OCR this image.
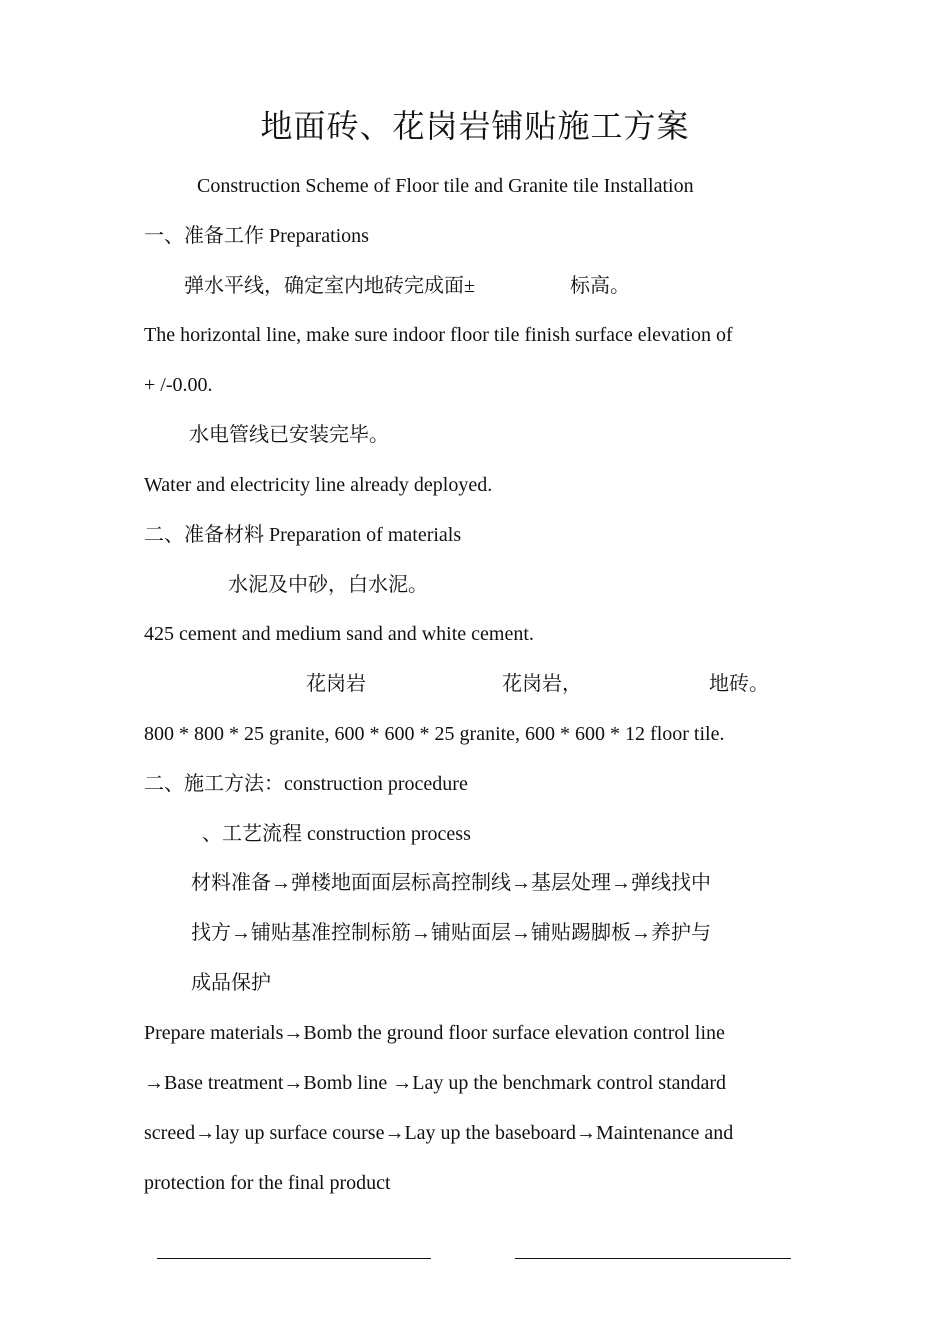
地面砖、花岗岩铺贴施工方案
Construction Scheme of Floor tile and Granite tile Installation
一、准备工作 Preparations
弹水平线，确定室内地砖完成面±	标高。
The horizontal line, make sure indoor floor tile finish surface elevation of
+ /-0.00.
水电管线已安装完毕。
Water and electricity line already deployed.
二、准备材料 Preparation of materials
水泥及中砂，白水泥。
425 cement and medium sand and white cement.
花岗岩	花岗岩，	地砖。
800 * 800 * 25 granite, 600 * 600 * 25 granite, 600 * 600 * 12 floor tile.
二、施工方法：construction procedure
、工艺流程 construction process
材料准备→弹楼地面面层标高控制线→基层处理→弹线找中
找方→铺贴基准控制标筋→铺贴面层→铺贴踢脚板→养护与
成品保护
Prepare materials→Bomb the ground floor surface elevation control line
→Base treatment→Bomb line →Lay up the benchmark control standard
screed→lay up surface course→Lay up the baseboard→Maintenance and
protection for the final product
